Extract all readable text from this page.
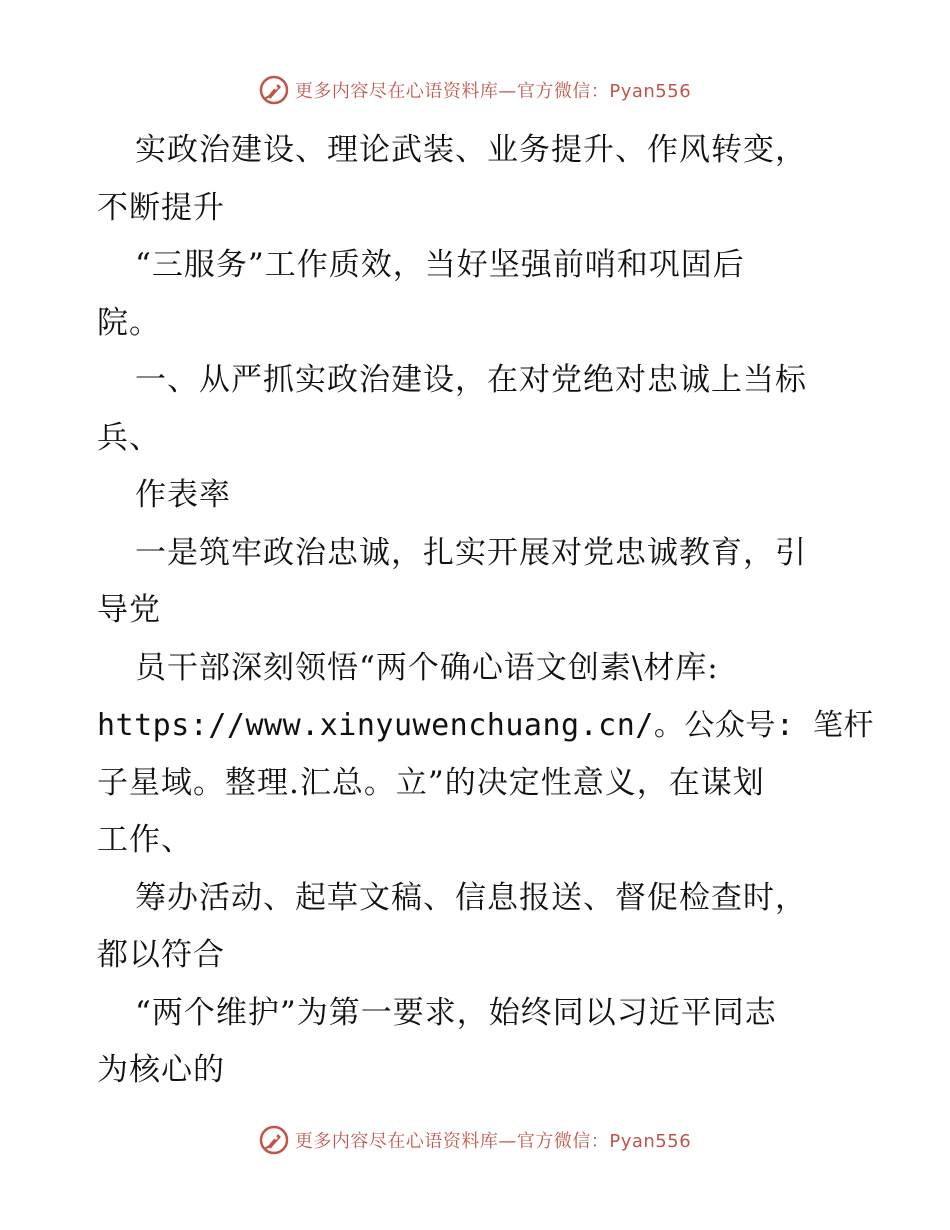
更多内容尽在心语资料库—官方微信：Pyan556
实政治建设、理论武装、业务提升、作风转变，
不断提升
“三服务”工作质效，当好坚强前哨和巩固后
院。
一、从严抓实政治建设，在对党绝对忠诚上当标
兵、
作表率
一是筑牢政治忠诚，扎实开展对党忠诚教育，引
导党
员干部深刻领悟“两个确心语文创素\材库:
https://www.xinyuwenchuang.cn/。公众号: 笔杆
子星域。整理.汇总。立”的决定性意义，在谋划
工作、
筹办活动、起草文稿、信息报送、督促检查时，
都以符合
“两个维护”为第一要求，始终同以习近平同志
为核心的
更多内容尽在心语资料库—官方微信：Pyan556
